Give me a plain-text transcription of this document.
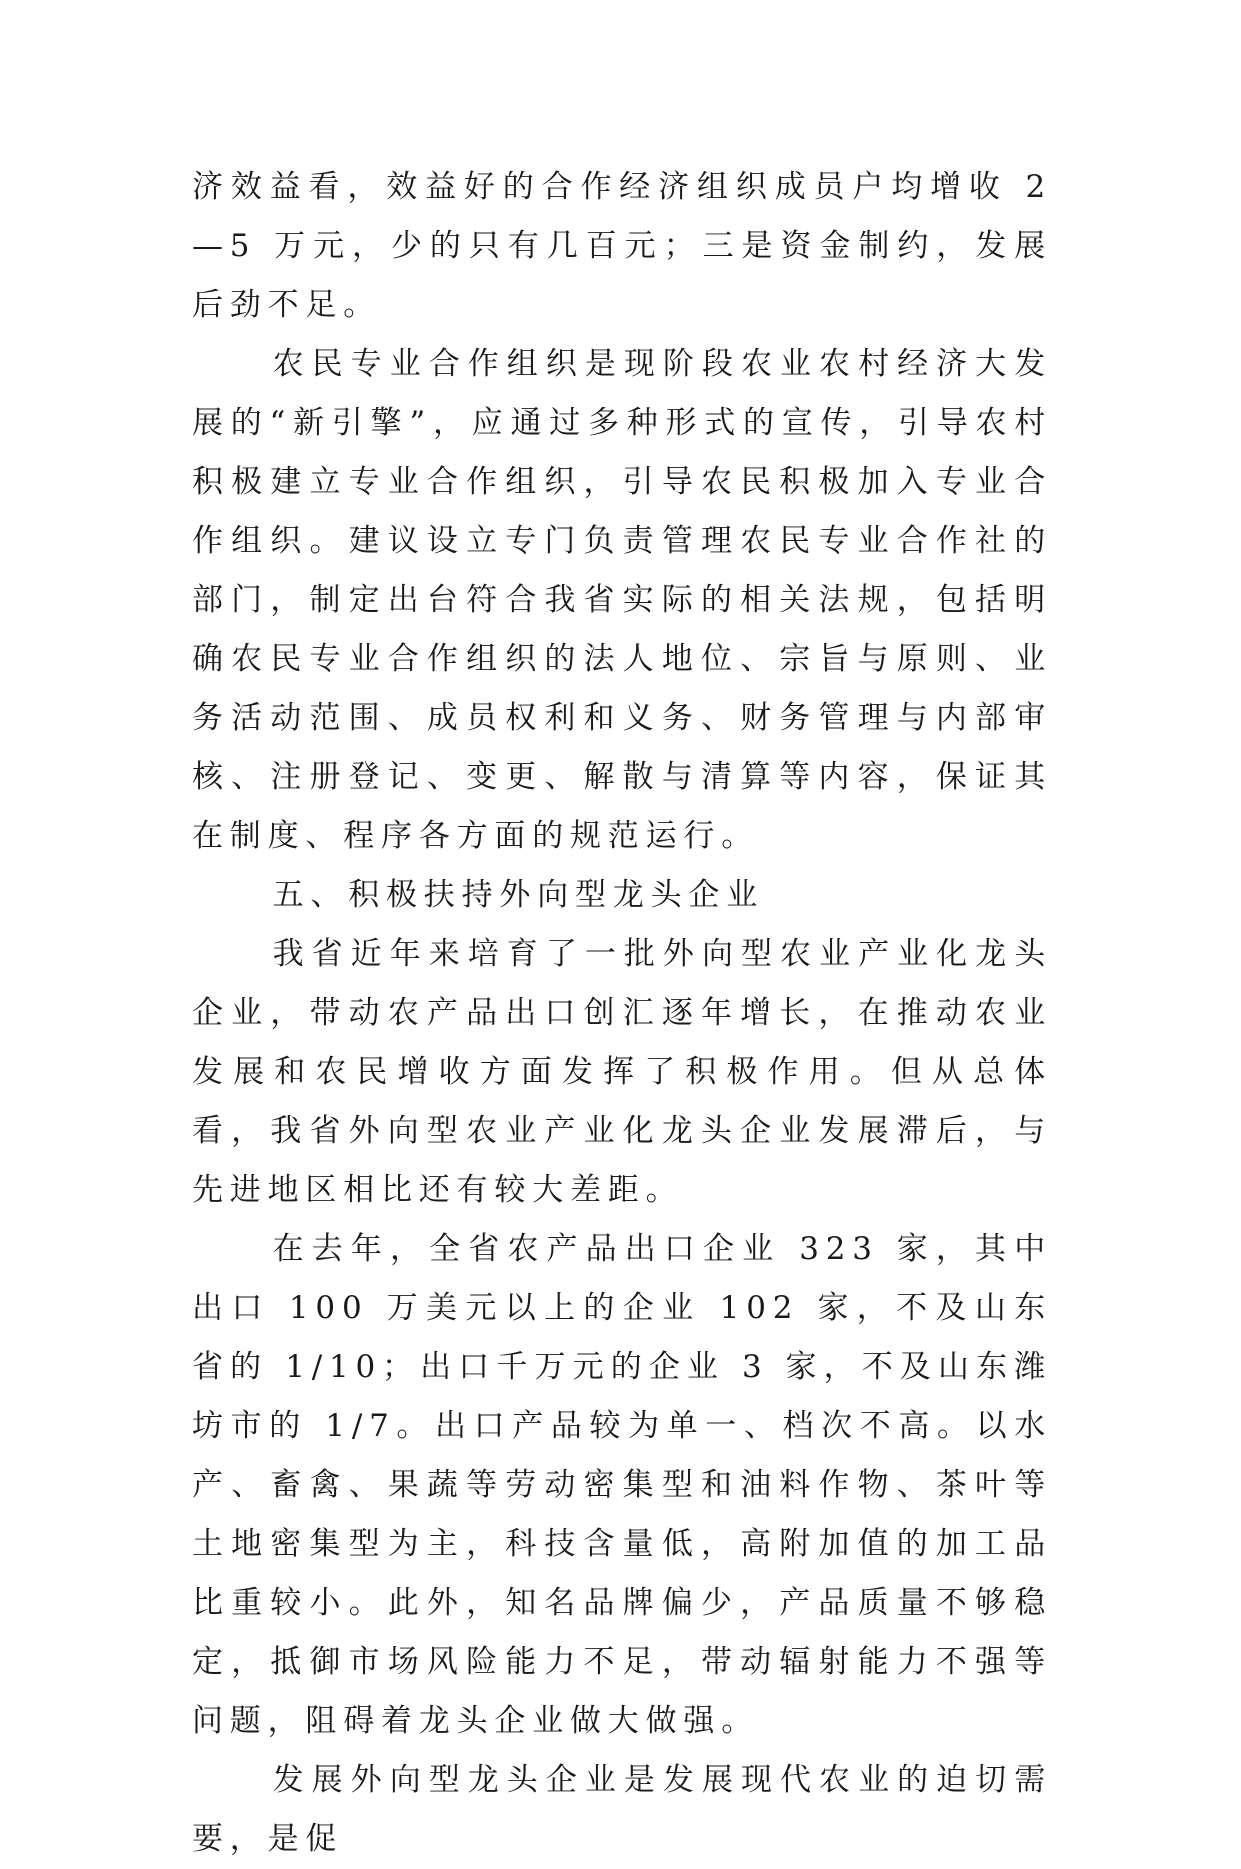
济效益看，效益好的合作经济组织成员户均增收 2—5 万元，少的只有几百元；三是资金制约，发展后劲不足。

农民专业合作组织是现阶段农业农村经济大发展的“新引擎”，应通过多种形式的宣传，引导农村积极建立专业合作组织，引导农民积极加入专业合作组织。建议设立专门负责管理农民专业合作社的部门，制定出台符合我省实际的相关法规，包括明确农民专业合作组织的法人地位、宗旨与原则、业务活动范围、成员权利和义务、财务管理与内部审核、注册登记、变更、解散与清算等内容，保证其在制度、程序各方面的规范运行。

五、积极扶持外向型龙头企业

我省近年来培育了一批外向型农业产业化龙头企业，带动农产品出口创汇逐年增长，在推动农业发展和农民增收方面发挥了积极作用。但从总体看，我省外向型农业产业化龙头企业发展滞后，与先进地区相比还有较大差距。

在去年，全省农产品出口企业 323 家，其中出口 100 万美元以上的企业 102 家，不及山东省的 1/10；出口千万元的企业 3 家，不及山东潍坊市的 1/7。出口产品较为单一、档次不高。以水产、畜禽、果蔬等劳动密集型和油料作物、茶叶等土地密集型为主，科技含量低，高附加值的加工品比重较小。此外，知名品牌偏少，产品质量不够稳定，抵御市场风险能力不足，带动辐射能力不强等问题，阻碍着龙头企业做大做强。

发展外向型龙头企业是发展现代农业的迫切需要，是促
